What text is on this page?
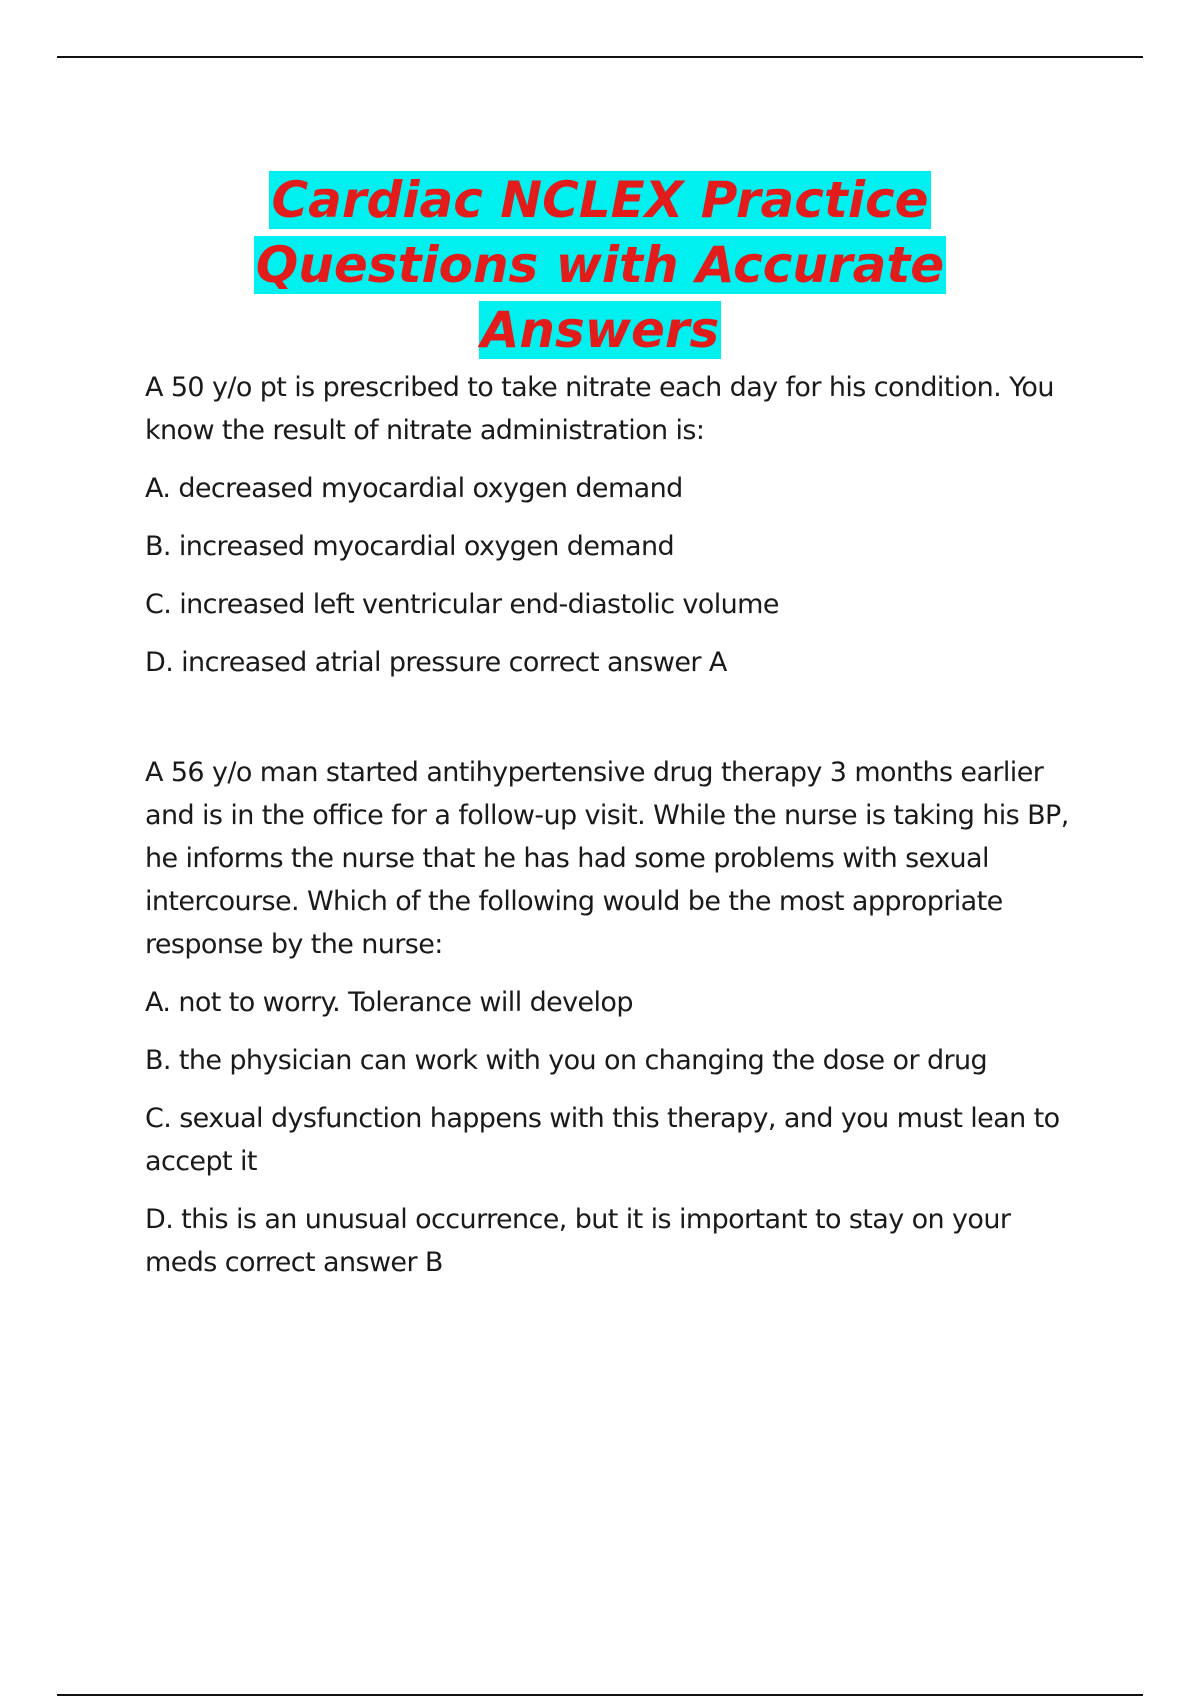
Cardiac NCLEX Practice Questions with Accurate Answers

A 50 y/o pt is prescribed to take nitrate each day for his condition. You know the result of nitrate administration is:

A. decreased myocardial oxygen demand

B. increased myocardial oxygen demand

C. increased left ventricular end-diastolic volume

D. increased atrial pressure correct answer A

A 56 y/o man started antihypertensive drug therapy 3 months earlier and is in the office for a follow-up visit. While the nurse is taking his BP, he informs the nurse that he has had some problems with sexual intercourse. Which of the following would be the most appropriate response by the nurse:

A. not to worry. Tolerance will develop

B. the physician can work with you on changing the dose or drug

C. sexual dysfunction happens with this therapy, and you must lean to accept it

D. this is an unusual occurrence, but it is important to stay on your meds correct answer B
